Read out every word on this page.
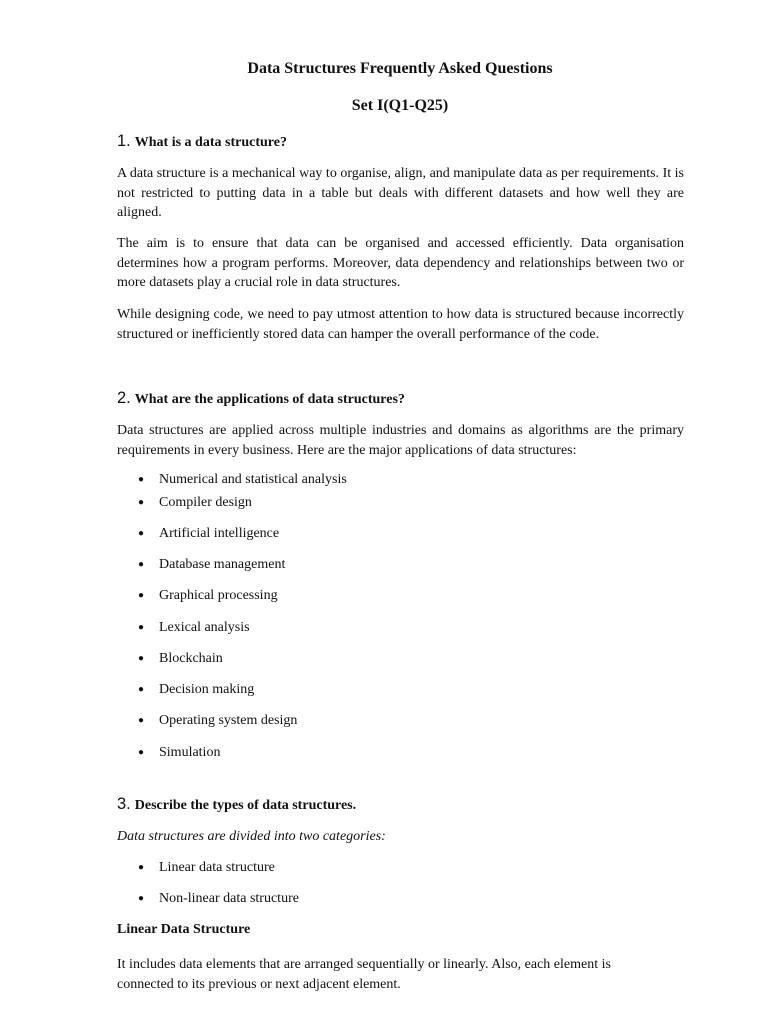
Data Structures Frequently Asked Questions
Set I(Q1-Q25)
1. What is a data structure?

A data structure is a mechanical way to organise, align, and manipulate data as per requirements. It is not restricted to putting data in a table but deals with different datasets and how well they are aligned.

The aim is to ensure that data can be organised and accessed efficiently. Data organisation determines how a program performs. Moreover, data dependency and relationships between two or more datasets play a crucial role in data structures.

While designing code, we need to pay utmost attention to how data is structured because incorrectly structured or inefficiently stored data can hamper the overall performance of the code.

2. What are the applications of data structures?

Data structures are applied across multiple industries and domains as algorithms are the primary requirements in every business. Here are the major applications of data structures:

● Numerical and statistical analysis
● Compiler design
● Artificial intelligence
● Database management
● Graphical processing
● Lexical analysis
● Blockchain
● Decision making
● Operating system design
● Simulation
3. Describe the types of data structures.

Data structures are divided into two categories:

● Linear data structure
● Non-linear data structure
Linear Data Structure

It includes data elements that are arranged sequentially or linearly. Also, each element is connected to its previous or next adjacent element.
